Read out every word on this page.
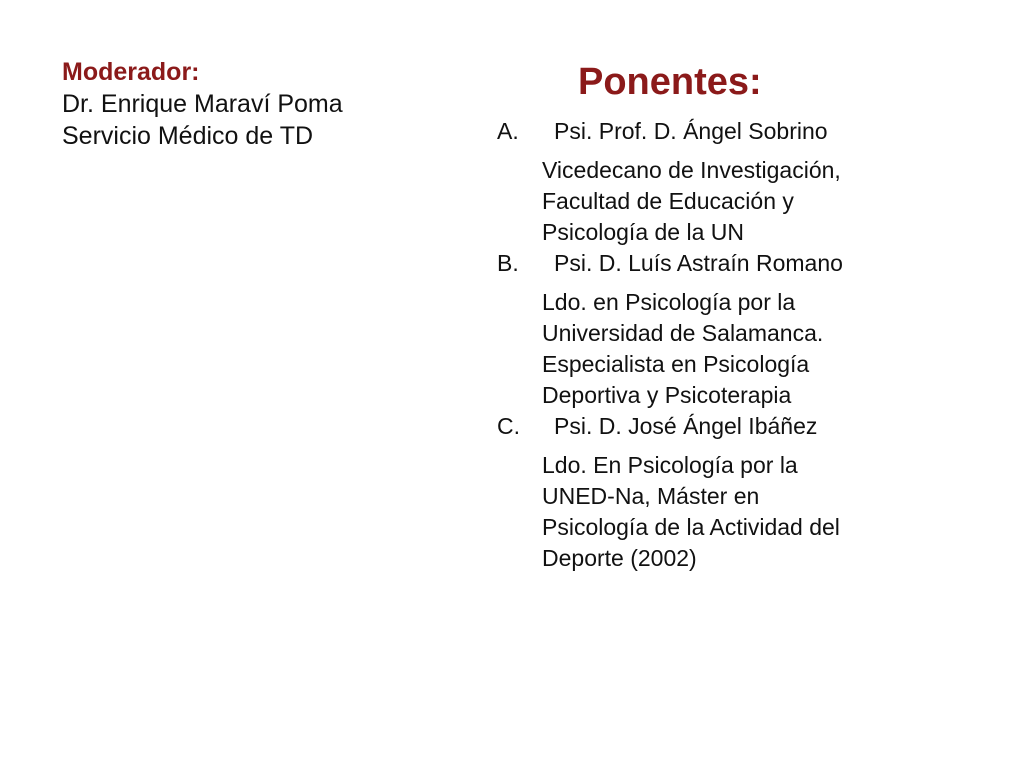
Moderador:
Dr. Enrique Maraví Poma
Servicio Médico de TD
Ponentes:
A.	Psi. Prof. D. Ángel Sobrino
Vicedecano de Investigación,
Facultad de Educación y
Psicología de la UN
B.	Psi. D. Luís Astraín Romano
Ldo. en Psicología por la
Universidad de Salamanca.
Especialista en Psicología
Deportiva y Psicoterapia
C.	Psi. D. José Ángel Ibáñez
Ldo. En Psicología por la
UNED-Na, Máster en
Psicología de la Actividad del
Deporte (2002)
